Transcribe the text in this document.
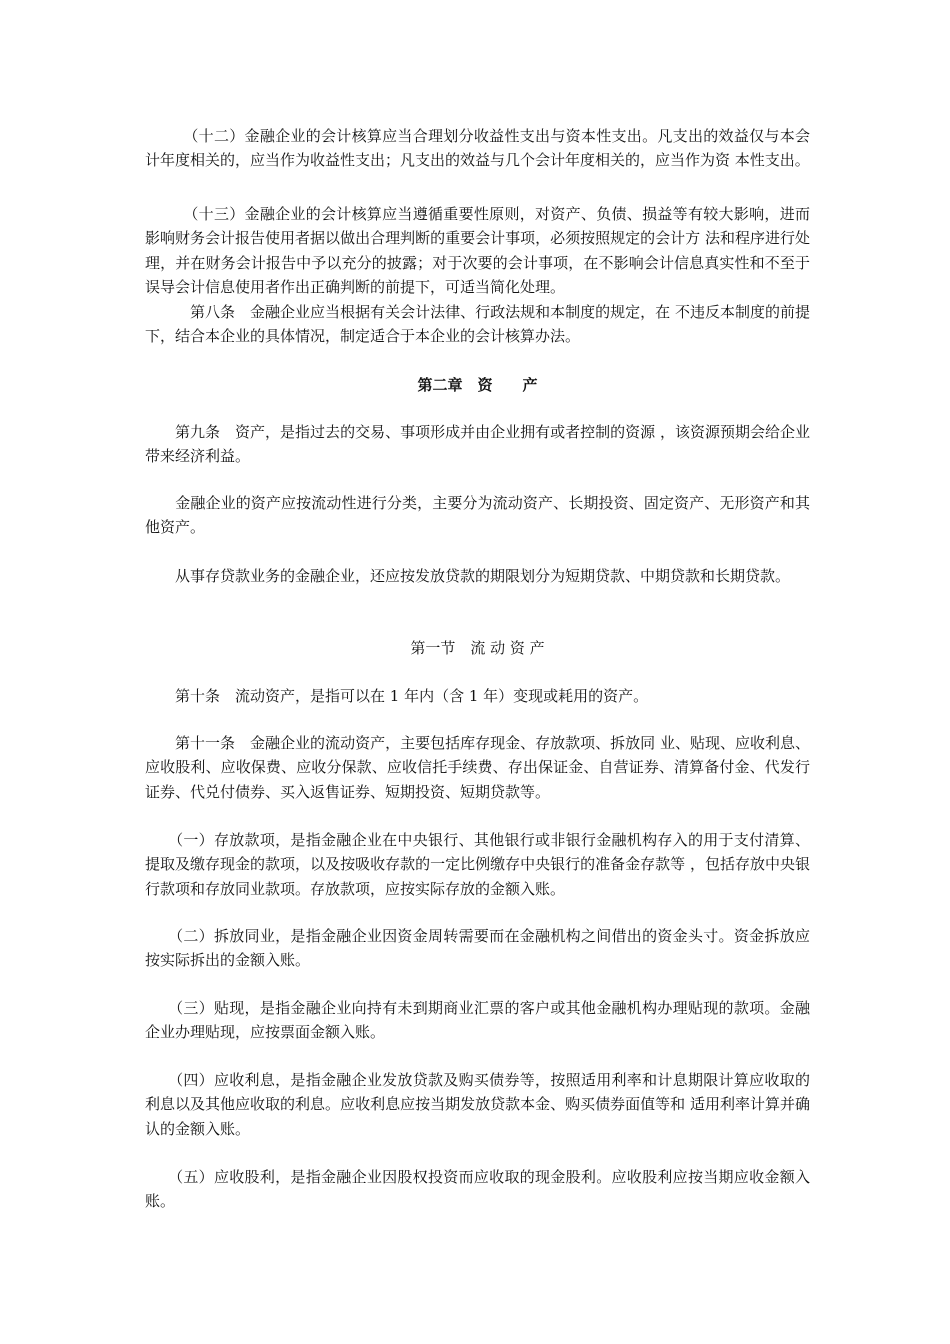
　　　（十二）金融企业的会计核算应当合理划分收益性支出与资本性支出。凡支出的效益仅与本会计年度相关的，应当作为收益性支出；凡支出的效益与几个会计年度相关的，应当作为资 本性支出。

　　　（十三）金融企业的会计核算应当遵循重要性原则，对资产、负债、损益等有较大影响，进而影响财务会计报告使用者据以做出合理判断的重要会计事项，必须按照规定的会计方 法和程序进行处理，并在财务会计报告中予以充分的披露；对于次要的会计事项，在不影响会计信息真实性和不至于误导会计信息使用者作出正确判断的前提下，可适当简化处理。

　　　第八条　金融企业应当根据有关会计法律、行政法规和本制度的规定，在 不违反本制度的前提下，结合本企业的具体情况，制定适合于本企业的会计核算办法。

第二章　资　　产

　　第九条　资产，是指过去的交易、事项形成并由企业拥有或者控制的资源 ，该资源预期会给企业带来经济利益。

　　金融企业的资产应按流动性进行分类，主要分为流动资产、长期投资、固定资产、无形资产和其他资产。

　　从事存贷款业务的金融企业，还应按发放贷款的期限划分为短期贷款、中期贷款和长期贷款。

第一节　流 动 资 产

　　第十条　流动资产，是指可以在 1 年内（含 1 年）变现或耗用的资产。

　　第十一条　金融企业的流动资产，主要包括库存现金、存放款项、拆放同 业、贴现、应收利息、应收股利、应收保费、应收分保款、应收信托手续费、存出保证金、自营证券、清算备付金、代发行证券、代兑付债券、买入返售证券、短期投资、短期贷款等。

　　（一）存放款项，是指金融企业在中央银行、其他银行或非银行金融机构存入的用于支付清算、提取及缴存现金的款项，以及按吸收存款的一定比例缴存中央银行的准备金存款等 ，包括存放中央银行款项和存放同业款项。存放款项，应按实际存放的金额入账。

　　（二）拆放同业，是指金融企业因资金周转需要而在金融机构之间借出的资金头寸。资金拆放应按实际拆出的金额入账。

　　（三）贴现，是指金融企业向持有未到期商业汇票的客户或其他金融机构办理贴现的款项。金融企业办理贴现，应按票面金额入账。

　　（四）应收利息，是指金融企业发放贷款及购买债券等，按照适用利率和计息期限计算应收取的利息以及其他应收取的利息。应收利息应按当期发放贷款本金、购买债券面值等和 适用利率计算并确认的金额入账。

　　（五）应收股利，是指金融企业因股权投资而应收取的现金股利。应收股利应按当期应收金额入账。
